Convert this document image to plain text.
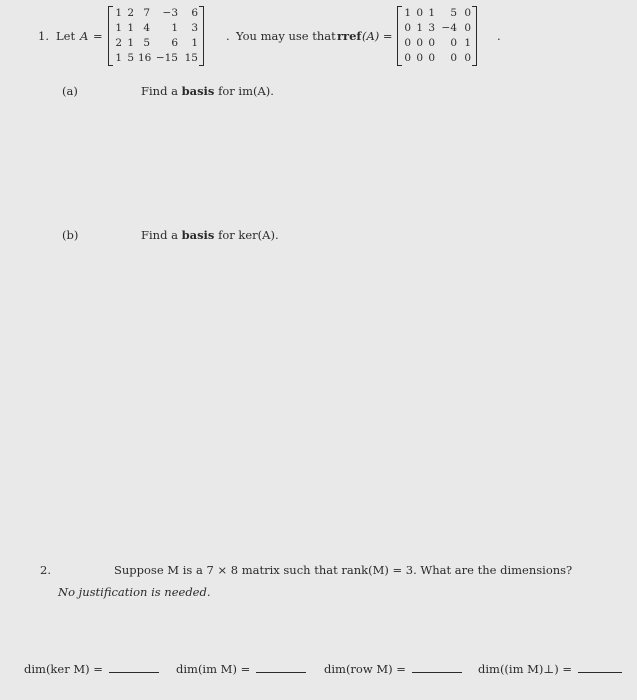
1. Let A =
1 2 7	−3	6
1 1 4	1	3
2 1 5	6	1
1 5 16 −15 15
. You may use that rref (A) =
1 0 1	5 0
0 1 3 −4 0
0 0 0	0 1
0 0 0	0 0
.
(a)	Find a basis for im(A).
(b)	Find a basis for ker(A).
2.	Suppose M is a 7 × 8 matrix such that rank(M) = 3. What are the dimensions?
No justification is needed.
dim(ker M) =	dim(im M) =	dim(row M) =	dim((im M)⊥) =
